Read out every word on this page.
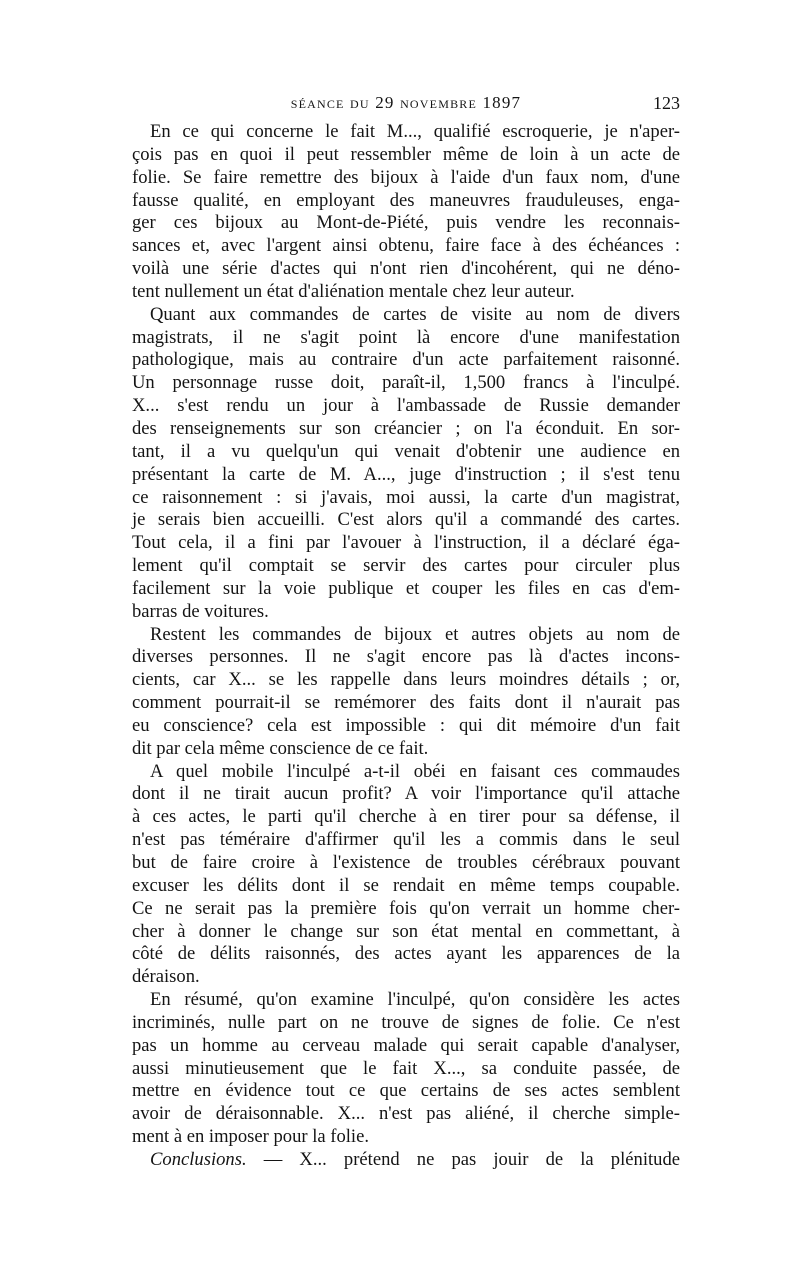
séance du 29 novembre 1897	123

En ce qui concerne le fait M..., qualifié escroquerie, je n'aper-
çois pas en quoi il peut ressembler même de loin à un acte de
folie. Se faire remettre des bijoux à l'aide d'un faux nom, d'une
fausse qualité, en employant des maneuvres frauduleuses, enga-
ger ces bijoux au Mont-de-Piété, puis vendre les reconnais-
sances et, avec l'argent ainsi obtenu, faire face à des échéances :
voilà une série d'actes qui n'ont rien d'incohérent, qui ne déno-
tent nullement un état d'aliénation mentale chez leur auteur.

Quant aux commandes de cartes de visite au nom de divers
magistrats, il ne s'agit point là encore d'une manifestation
pathologique, mais au contraire d'un acte parfaitement raisonné.
Un personnage russe doit, paraît-il, 1,500 francs à l'inculpé.
X... s'est rendu un jour à l'ambassade de Russie demander
des renseignements sur son créancier ; on l'a éconduit. En sor-
tant, il a vu quelqu'un qui venait d'obtenir une audience en
présentant la carte de M. A..., juge d'instruction ; il s'est tenu
ce raisonnement : si j'avais, moi aussi, la carte d'un magistrat,
je serais bien accueilli. C'est alors qu'il a commandé des cartes.
Tout cela, il a fini par l'avouer à l'instruction, il a déclaré éga-
lement qu'il comptait se servir des cartes pour circuler plus
facilement sur la voie publique et couper les files en cas d'em-
barras de voitures.

Restent les commandes de bijoux et autres objets au nom de
diverses personnes. Il ne s'agit encore pas là d'actes incons-
cients, car X... se les rappelle dans leurs moindres détails ; or,
comment pourrait-il se remémorer des faits dont il n'aurait pas
eu conscience? cela est impossible : qui dit mémoire d'un fait
dit par cela même conscience de ce fait.

A quel mobile l'inculpé a-t-il obéi en faisant ces commaudes
dont il ne tirait aucun profit? A voir l'importance qu'il attache
à ces actes, le parti qu'il cherche à en tirer pour sa défense, il
n'est pas téméraire d'affirmer qu'il les a commis dans le seul
but de faire croire à l'existence de troubles cérébraux pouvant
excuser les délits dont il se rendait en même temps coupable.
Ce ne serait pas la première fois qu'on verrait un homme cher-
cher à donner le change sur son état mental en commettant, à
côté de délits raisonnés, des actes ayant les apparences de la
déraison.

En résumé, qu'on examine l'inculpé, qu'on considère les actes
incriminés, nulle part on ne trouve de signes de folie. Ce n'est
pas un homme au cerveau malade qui serait capable d'analyser,
aussi minutieusement que le fait X..., sa conduite passée, de
mettre en évidence tout ce que certains de ses actes semblent
avoir de déraisonnable. X... n'est pas aliéné, il cherche simple-
ment à en imposer pour la folie.

Conclusions. — X... prétend ne pas jouir de la plénitude
